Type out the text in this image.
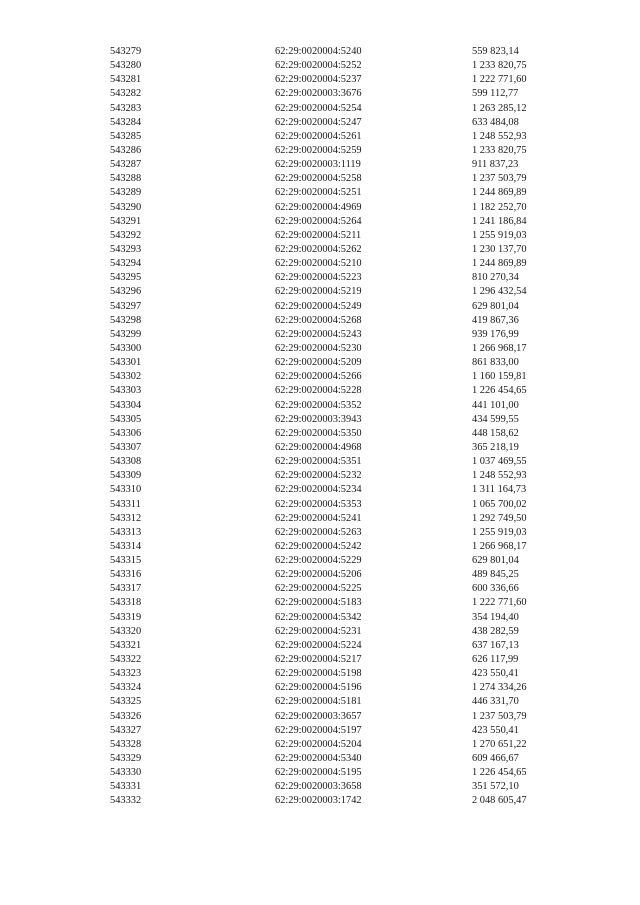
543279	62:29:0020004:5240	559 823,14
543280	62:29:0020004:5252	1 233 820,75
543281	62:29:0020004:5237	1 222 771,60
543282	62:29:0020003:3676	599 112,77
543283	62:29:0020004:5254	1 263 285,12
543284	62:29:0020004:5247	633 484,08
543285	62:29:0020004:5261	1 248 552,93
543286	62:29:0020004:5259	1 233 820,75
543287	62:29:0020003:1119	911 837,23
543288	62:29:0020004:5258	1 237 503,79
543289	62:29:0020004:5251	1 244 869,89
543290	62:29:0020004:4969	1 182 252,70
543291	62:29:0020004:5264	1 241 186,84
543292	62:29:0020004:5211	1 255 919,03
543293	62:29:0020004:5262	1 230 137,70
543294	62:29:0020004:5210	1 244 869,89
543295	62:29:0020004:5223	810 270,34
543296	62:29:0020004:5219	1 296 432,54
543297	62:29:0020004:5249	629 801,04
543298	62:29:0020004:5268	419 867,36
543299	62:29:0020004:5243	939 176,99
543300	62:29:0020004:5230	1 266 968,17
543301	62:29:0020004:5209	861 833,00
543302	62:29:0020004:5266	1 160 159,81
543303	62:29:0020004:5228	1 226 454,65
543304	62:29:0020004:5352	441 101,00
543305	62:29:0020003:3943	434 599,55
543306	62:29:0020004:5350	448 158,62
543307	62:29:0020004:4968	365 218,19
543308	62:29:0020004:5351	1 037 469,55
543309	62:29:0020004:5232	1 248 552,93
543310	62:29:0020004:5234	1 311 164,73
543311	62:29:0020004:5353	1 065 700,02
543312	62:29:0020004:5241	1 292 749,50
543313	62:29:0020004:5263	1 255 919,03
543314	62:29:0020004:5242	1 266 968,17
543315	62:29:0020004:5229	629 801,04
543316	62:29:0020004:5206	489 845,25
543317	62:29:0020004:5225	600 336,66
543318	62:29:0020004:5183	1 222 771,60
543319	62:29:0020004:5342	354 194,40
543320	62:29:0020004:5231	438 282,59
543321	62:29:0020004:5224	637 167,13
543322	62:29:0020004:5217	626 117,99
543323	62:29:0020004:5198	423 550,41
543324	62:29:0020004:5196	1 274 334,26
543325	62:29:0020004:5181	446 331,70
543326	62:29:0020003:3657	1 237 503,79
543327	62:29:0020004:5197	423 550,41
543328	62:29:0020004:5204	1 270 651,22
543329	62:29:0020004:5340	609 466,67
543330	62:29:0020004:5195	1 226 454,65
543331	62:29:0020003:3658	351 572,10
543332	62:29:0020003:1742	2 048 605,47
